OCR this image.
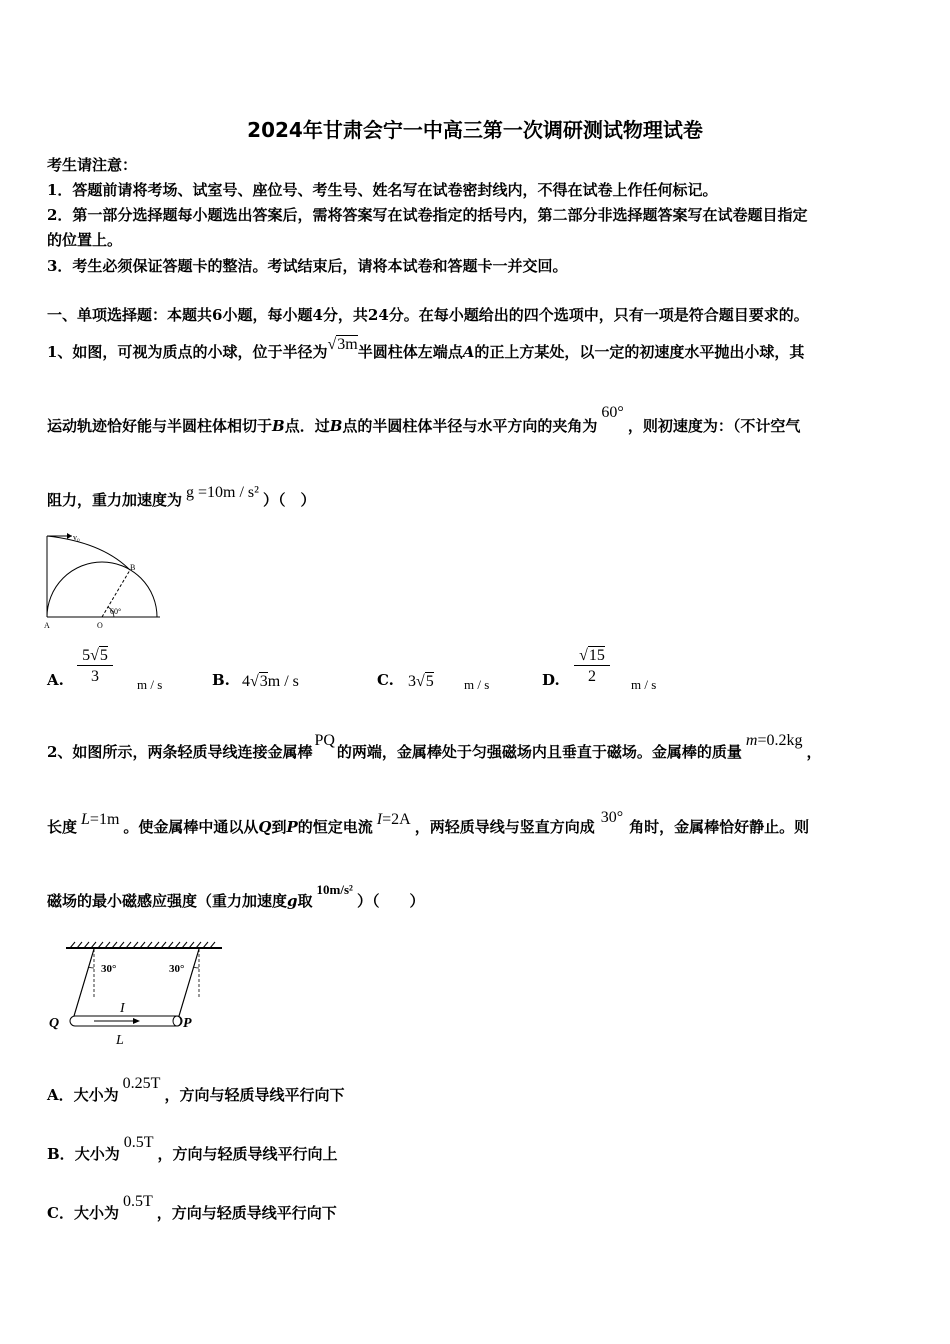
2024年甘肃会宁一中高三第一次调研测试物理试卷
考生请注意：
1．答题前请将考场、试室号、座位号、考生号、姓名写在试卷密封线内，不得在试卷上作任何标记。
2．第一部分选择题每小题选出答案后，需将答案写在试卷指定的括号内，第二部分非选择题答案写在试卷题目指定
的位置上。
3．考生必须保证答题卡的整洁。考试结束后，请将本试卷和答题卡一并交回。
一、单项选择题：本题共6小题，每小题4分，共24分。在每小题给出的四个选项中，只有一项是符合题目要求的。
1、如图，可视为质点的小球，位于半径为√3m半圆柱体左端点A的正上方某处，以一定的初速度水平抛出小球，其
运动轨迹恰好能与半圆柱体相切于B点．过B点的半圆柱体半径与水平方向的夹角为60°，则初速度为：（不计空气
阻力，重力加速度为 g =10m / s² ）（　）
v₀
B
60°
A	O
A. $\frac{5√5}{3}$ m / s	B. 4√3m / s	C. 3√5 m / s	D. $\frac{√15}{2}$ m / s
2、如图所示，两条轻质导线连接金属棒PQ的两端，金属棒处于匀强磁场内且垂直于磁场。金属棒的质量m=0.2kg，
长度 L=1m 。使金属棒中通以从Q到P的恒定电流 I=2A ，两轻质导线与竖直方向成30°角时，金属棒恰好静止。则
磁场的最小磁感应强度（重力加速度g取10m/s²）（　　）
30°	30°
I
L
Q	P
A．大小为0.25T，方向与轻质导线平行向下
B．大小为0.5T，方向与轻质导线平行向上
C．大小为0.5T，方向与轻质导线平行向下
